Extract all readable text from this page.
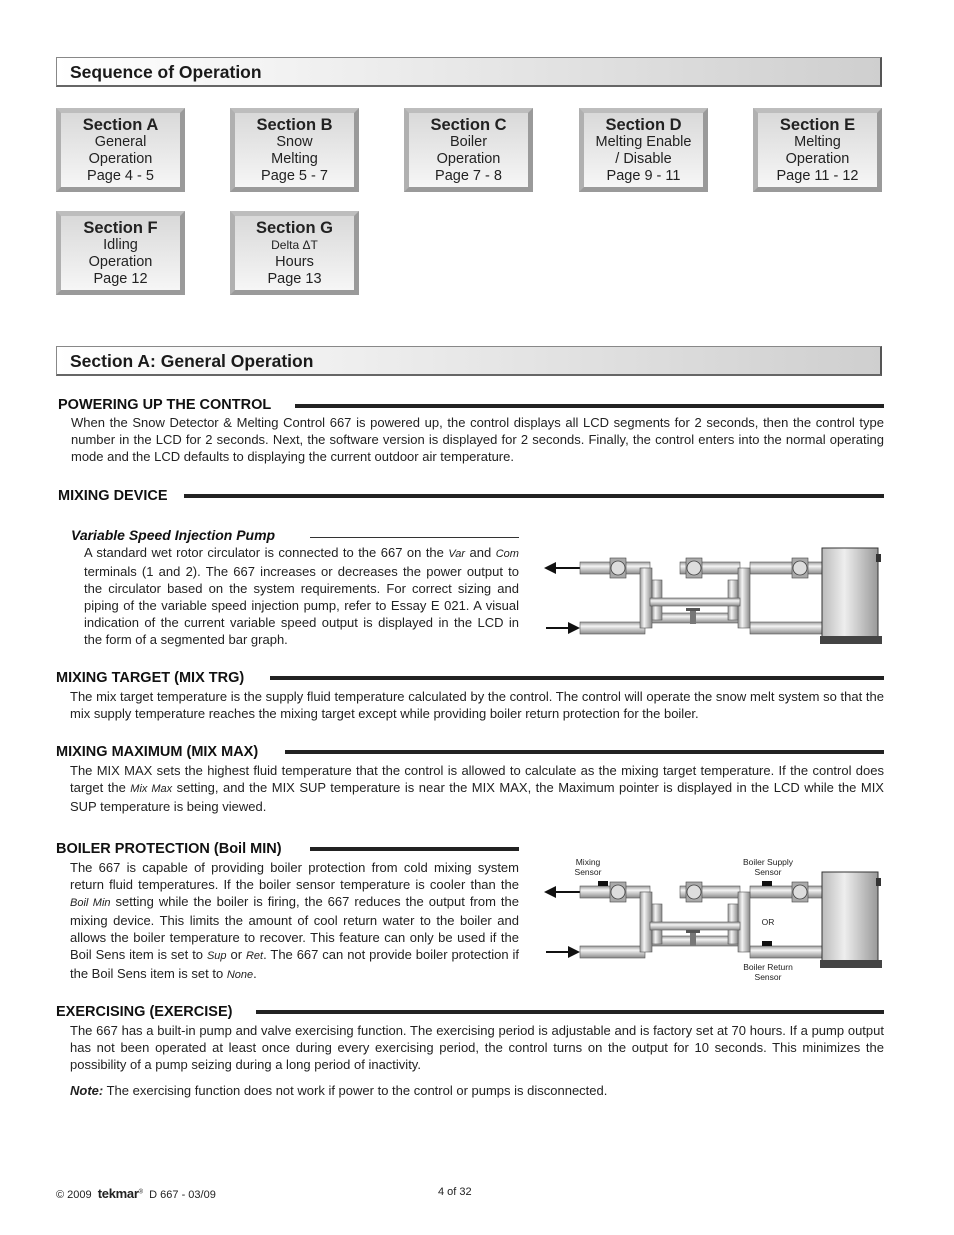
Sequence of Operation
Section A
General
Operation
Page 4 - 5
Section B
Snow
Melting
Page 5 - 7
Section C
Boiler
Operation
Page 7 - 8
Section D
Melting Enable
/ Disable
Page 9 - 11
Section E
Melting
Operation
Page 11 - 12
Section F
Idling
Operation
Page 12
Section G
Delta ΔT
Hours
Page 13
Section A: General Operation
POWERING UP THE CONTROL
When the Snow Detector & Melting Control 667 is powered up, the control displays all LCD segments for 2 seconds, then the control type number in the LCD for 2 seconds. Next, the software version is displayed for 2 seconds. Finally, the control enters into the normal operating mode and the LCD defaults to displaying the current outdoor air temperature.
MIXING DEVICE
Variable Speed Injection Pump
A standard wet rotor circulator is connected to the 667 on the Var and Com terminals (1 and 2). The 667 increases or decreases the power output to the circulator based on the system requirements. For correct sizing and piping of the variable speed injection pump, refer to Essay E 021. A visual indication of the current variable speed output is displayed in the LCD in the form of a segmented bar graph.
MIXING TARGET (MIX TRG)
The mix target temperature is the supply fluid temperature calculated by the control. The control will operate the snow melt system so that the mix supply temperature reaches the mixing target except while providing boiler return protection for the boiler.
MIXING MAXIMUM (MIX MAX)
The MIX MAX sets the highest fluid temperature that the control is allowed to calculate as the mixing target temperature. If the control does target the Mix Max setting, and the MIX SUP temperature is near the MIX MAX, the Maximum pointer is displayed in the LCD while the MIX SUP temperature is being viewed.
BOILER PROTECTION (Boil MIN)
The 667 is capable of providing boiler protection from cold mixing system return fluid temperatures. If the boiler sensor temperature is cooler than the Boil Min setting while the boiler is firing, the 667 reduces the output from the mixing device. This limits the amount of cool return water to the boiler and allows the boiler temperature to recover. This feature can only be used if the Boil Sens item is set to Sup or Ret. The 667 can not provide boiler protection if the Boil Sens item is set to None.
Mixing
Sensor
Boiler Supply
Sensor
OR
Boiler Return
Sensor
EXERCISING (EXERCISE)
The 667 has a built-in pump and valve exercising function. The exercising period is adjustable and is factory set at 70 hours. If a pump output has not been operated at least once during every exercising period, the control turns on the output for 10 seconds. This minimizes the possibility of a pump seizing during a long period of inactivity.
Note: The exercising function does not work if power to the control or pumps is disconnected.
© 2009 tekmar® D 667 - 03/09	4 of 32
